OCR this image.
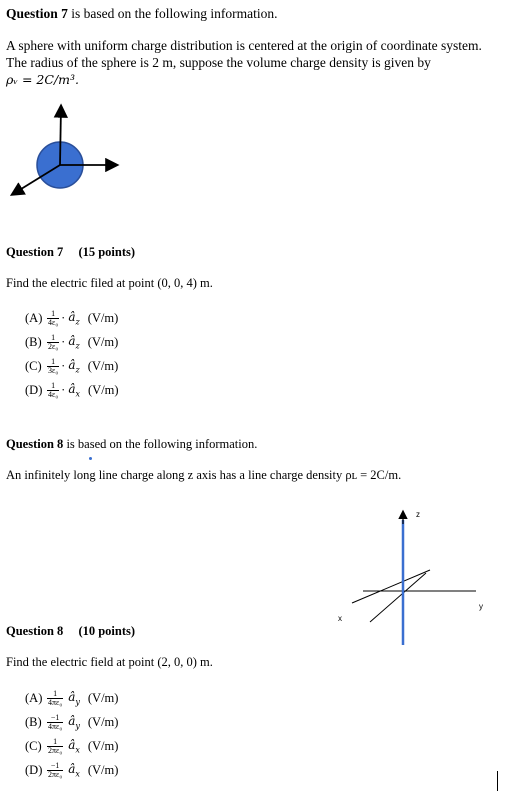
Question 7 is based on the following information.
A sphere with uniform charge distribution is centered at the origin of coordinate system.
The radius of the sphere is 2 m, suppose the volume charge density is given by
ρᵥ = 2C/m³.
Question 7 (15 points)
Find the electric filed at point (0, 0, 4) m.
$(A) \frac{1}{\text{4ε₀}}$ · $â_z$ (V/m)
$(B) \frac{1}{\text{2ε₀}}$ · $â_z$ (V/m)
$(C) \frac{1}{\text{3ε₀}}$ · $â_z$ (V/m)
$(D) \frac{1}{\text{4ε₀}}$ · $â_x$ (V/m)
Question 8 is based on the following information.
An infinitely long line charge along z axis has a line charge density ρʟ = 2C/m.
z
x
y
Question 8 (10 points)
Find the electric field at point (2, 0, 0) m.
$(A) \frac{1}{\text{4πε₀}}$ $â_y$ (V/m)
$(B) \frac{-1}{\text{4πε₀}}$ $â_y$ (V/m)
$(C) \frac{1}{\text{2πε₀}}$ $â_x$ (V/m)
$(D) \frac{-1}{\text{2πε₀}}$ $â_x$ (V/m)
